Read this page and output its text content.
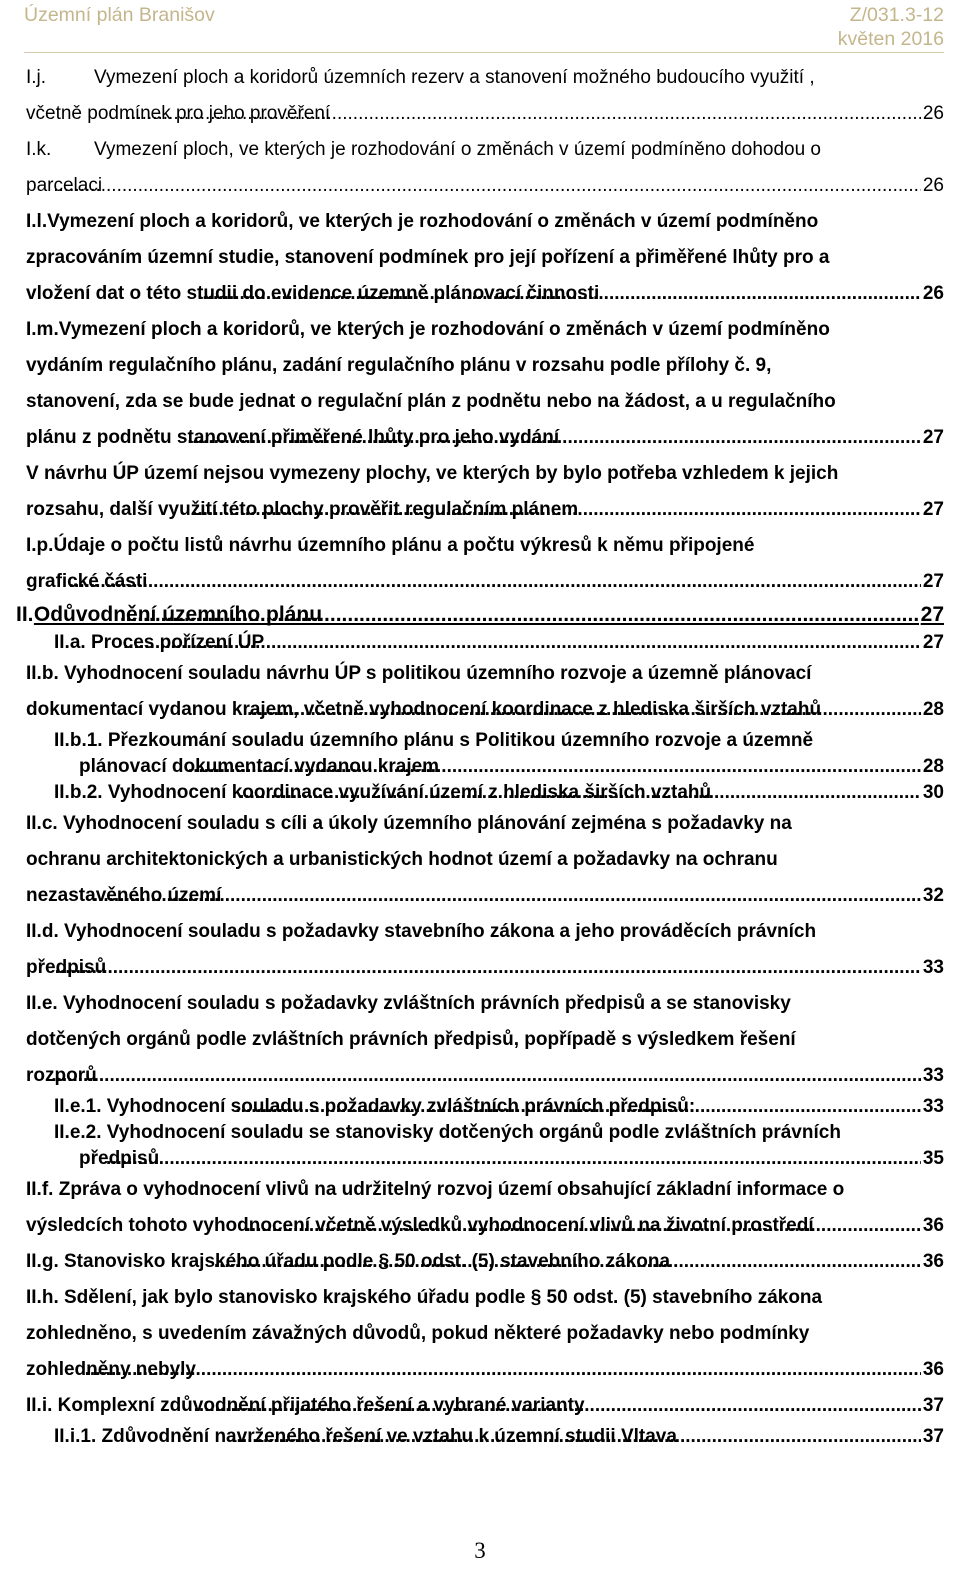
Územní plán Branišov	Z/031.3-12
květen 2016
I.j.	Vymezení ploch a koridorů územních rezerv a stanovení možného budoucího využití ,
včetně podmínek pro jeho prověření .....	26
I.k.	Vymezení ploch, ve kterých je rozhodování o změnách v území podmíněno dohodou o
parcelaci .....	26
I.l. Vymezení ploch a koridorů, ve kterých je rozhodování o změnách v území podmíněno
zpracováním územní studie, stanovení podmínek pro její pořízení a přiměřené lhůty pro a
vložení dat o této studii do evidence územně plánovací činnosti .....	26
I.m. Vymezení ploch a koridorů, ve kterých je rozhodování o změnách v území podmíněno
vydáním regulačního plánu, zadání regulačního plánu v rozsahu podle přílohy č. 9,
stanovení, zda se bude jednat o regulační plán z podnětu nebo na žádost, a u regulačního
plánu z podnětu stanovení přiměřené lhůty pro jeho vydání .....	27
V návrhu ÚP území nejsou vymezeny plochy, ve kterých by bylo potřeba vzhledem k jejich
rozsahu, další využití této plochy prověřit regulačním plánem .....	27
I.p. Údaje o počtu listů návrhu územního plánu a počtu výkresů k němu připojené
grafické části .....	27
II. Odůvodnění územního plánu .....	27
II.a. Proces pořízení ÚP .....	27
II.b. Vyhodnocení souladu návrhu ÚP s politikou územního rozvoje a územně plánovací
dokumentací vydanou krajem, včetně vyhodnocení koordinace z hlediska širších vztahů .....	28
II.b.1. Přezkoumání souladu územního plánu s Politikou územního rozvoje a územně
plánovací dokumentací vydanou krajem .....	28
II.b.2. Vyhodnocení koordinace využívání území z hlediska širších vztahů .....	30
II.c. Vyhodnocení souladu s cíli a úkoly územního plánování zejména s požadavky na
ochranu architektonických a urbanistických hodnot území a požadavky na ochranu
nezastavěného území .....	32
II.d. Vyhodnocení souladu s požadavky stavebního zákona a jeho prováděcích právních
předpisů .....	33
II.e. Vyhodnocení souladu s požadavky zvláštních právních předpisů a se stanovisky
dotčených orgánů podle zvláštních právních předpisů, popřípadě s výsledkem řešení
rozporů .....	33
II.e.1. Vyhodnocení souladu s požadavky zvláštních právních předpisů: .....	33
II.e.2. Vyhodnocení souladu se stanovisky dotčených orgánů podle zvláštních právních
předpisů .....	35
II.f. Zpráva o vyhodnocení vlivů na udržitelný rozvoj území obsahující základní informace o
výsledcích tohoto vyhodnocení včetně výsledků vyhodnocení vlivů na životní prostředí .....	36
II.g. Stanovisko krajského úřadu podle § 50 odst. (5) stavebního zákona .....	36
II.h. Sdělení, jak bylo stanovisko krajského úřadu podle § 50 odst. (5) stavebního zákona
zohledněno, s uvedením závažných důvodů, pokud některé požadavky nebo podmínky
zohledněny nebyly .....	36
II.i. Komplexní zdůvodnění přijatého řešení a vybrané varianty .....	37
II.i.1. Zdůvodnění navrženého řešení ve vztahu k územní studii Vltava .....	37
3
